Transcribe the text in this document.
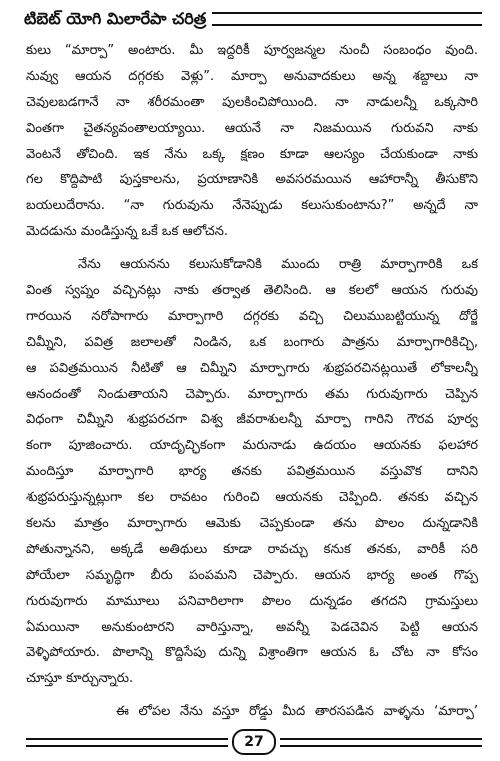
టిబెట్ యోగి మిలారేపా చరిత్ర
కులు “మార్పా” అంటారు. మీ ఇద్దరికీ పూర్వజన్మల నుంచీ సంబంధం వుంది.
నువ్వు ఆయన దగ్గరకు వెళ్లు”. మార్పా అనువాదకులు అన్న శబ్దాలు నా
చెవులబడగానే నా శరీరమంతా పులకించిపోయింది. నా నాడులన్నీ ఒక్కసారి
వింతగా చైతన్యవంతాలయ్యాయి. ఆయనే నా నిజమయిన గురువని నాకు
వెంటనే తోచింది. ఇక నేను ఒక్క క్షణం కూడా ఆలస్యం చేయకుండా నాకు
గల కొద్దిపాటి పుస్తకాలను, ప్రయాణానికి అవసరమయిన ఆహారాన్నీ తీసుకొని
బయలుదేరాను. “నా గురువును నేనెప్పుడు కలుసుకుంటాను?” అన్నదే నా
మెదడును మండిస్తున్న ఒకే ఒక ఆలోచన.
నేను ఆయనను కలుసుకోడానికి ముందు రాత్రి మార్పాగారికి ఒక
వింత స్వప్నం వచ్చినట్లు నాకు తర్వాత తెలిసింది. ఆ కలలో ఆయన గురువు
గారయిన నరోపాగారు మార్పాగారి దగ్గరకు వచ్చి చిలుముబట్టియున్న దోర్జే
చిమ్నీని, పవిత్ర జలాలతో నిండిన, ఒక బంగారు పాత్రను మార్పాగారికిచ్చి,
ఆ పవిత్రమయిన నీటితో ఆ చిమ్నీని మార్పాగారు శుభ్రపరచినట్లయితే లోకాలన్నీ
ఆనందంతో నిండుతాయని చెప్పారు. మార్పాగారు తమ గురువుగారు చెప్పిన
విధంగా చిమ్నీని శుభ్రపరచగా విశ్వ జీవరాశులన్నీ మార్పా గారిని గౌరవ పూర్వ
కంగా పూజించారు. యాదృచ్ఛికంగా మరునాడు ఉదయం ఆయనకు ఫలహార
మందిస్తూ మార్పాగారి భార్య తనకు పవిత్రమయిన వస్తువొక దానిని
శుభ్రపరుస్తున్నట్లుగా కల రావటం గురించి ఆయనకు చెప్పింది. తనకు వచ్చిన
కలను మాత్రం మార్పాగారు ఆమెకు చెప్పకుండా తను పొలం దున్నడానికి
పోతున్నానని, అక్కడే అతిథులు కూడా రావచ్చు కనుక తనకు, వారికీ సరి
పోయేలా సమృద్ధిగా బీరు పంపమని చెప్పారు. ఆయన భార్య అంత గొప్ప
గురువుగారు మామూలు పనివారిలాగా పొలం దున్నడం తగదని గ్రామస్తులు
ఏమయినా అనుకుంటారని వారిస్తున్నా, అవన్నీ పెడచెవిన పెట్టి ఆయన
వెళ్ళిపోయారు. పొలాన్ని కొద్దిసేపు దున్ని విశ్రాంతిగా ఆయన ఓ చోట నా కోసం
చూస్తూ కూర్చున్నారు.
ఈ లోపల నేను వస్తూ రోడ్డు మీద తారసపడిన వాళ్ళను ‘మార్పా’
27
